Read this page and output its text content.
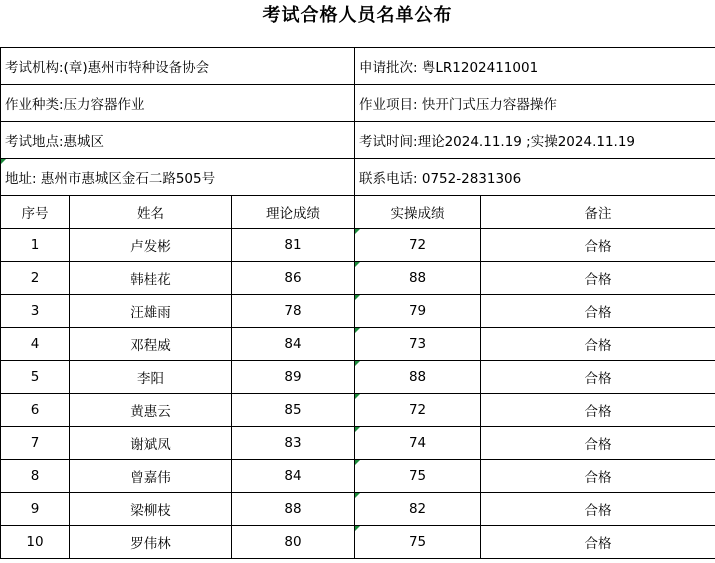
考试合格人员名单公布
考试机构:(章)惠州市特种设备协会			申请批次: 粤LR1202411001	
作业种类:压力容器作业			作业项目: 快开门式压力容器操作	
考试地点:惠城区			考试时间:理论2024.11.19 ;实操2024.11.19	

地址: 惠州市惠城区金石二路505号			联系电话: 0752-2831306	
序号	姓名	理论成绩	实操成绩	备注
1	卢发彬	81	72	合格
2	韩桂花	86	88	合格
3	汪雄雨	78	79	合格
4	邓程威	84	73	合格
5	李阳	89	88	合格
6	黄惠云	85	72	合格
7	谢斌凤	83	74	合格
8	曾嘉伟	84	75	合格
9	梁柳枝	88	82	合格
10	罗伟林	80	75	合格
